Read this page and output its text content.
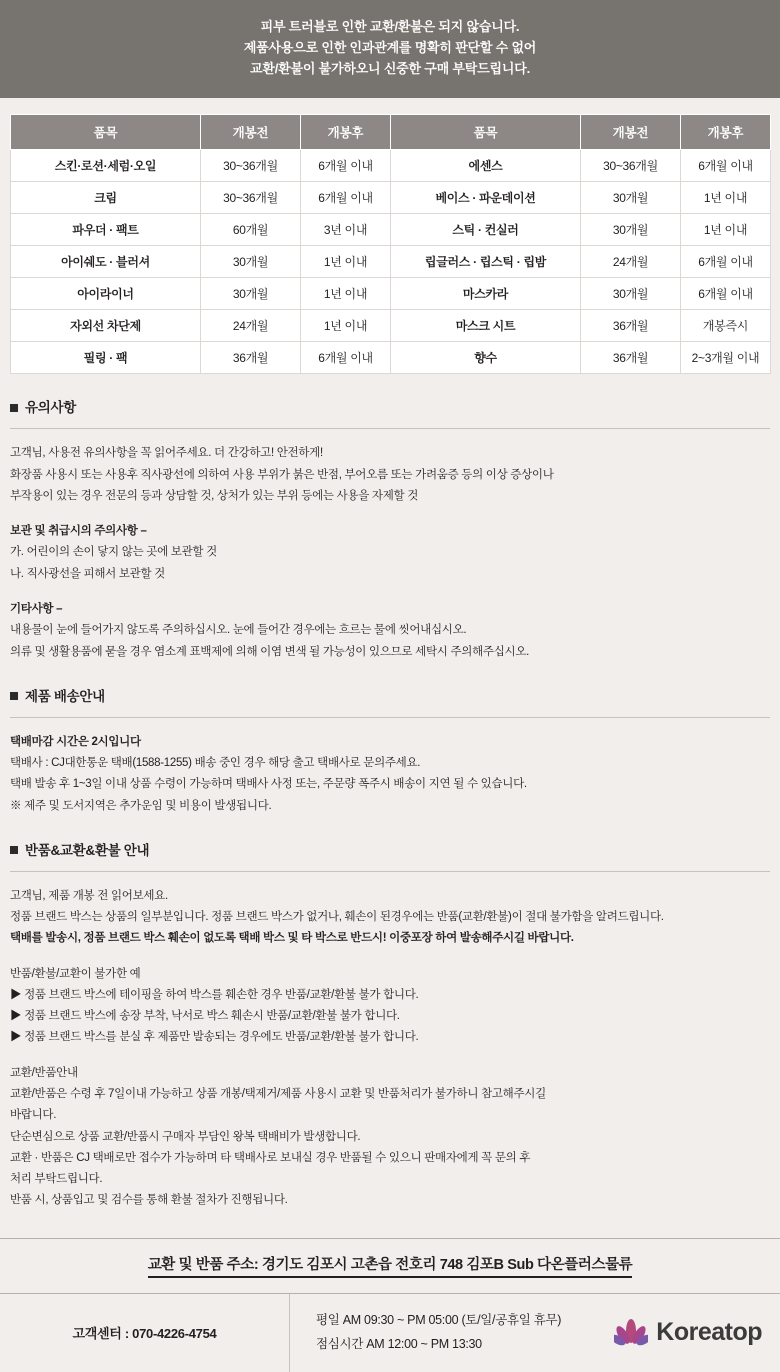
피부 트러블로 인한 교환/환불은 되지 않습니다.
제품사용으로 인한 인과관계를 명확히 판단할 수 없어
교환/환불이 불가하오니 신중한 구매 부탁드립니다.
품목	개봉전	개봉후	품목	개봉전	개봉후
스킨·로션·세럼·오일	30~36개월	6개월 이내	에센스	30~36개월	6개월 이내
크림	30~36개월	6개월 이내	베이스 · 파운데이션	30개월	1년 이내
파우더 · 팩트	60개월	3년 이내	스틱 · 컨실러	30개월	1년 이내
아이쉐도 · 블러셔	30개월	1년 이내	립글러스 · 립스틱 · 립밤	24개월	6개월 이내
아이라이너	30개월	1년 이내	마스카라	30개월	6개월 이내
자외선 차단제	24개월	1년 이내	마스크 시트	36개월	개봉즉시
필링 · 팩	36개월	6개월 이내	향수	36개월	2~3개월 이내
유의사항

고객님, 사용전 유의사항을 꼭 읽어주세요. 더 간강하고! 안전하게!

화장품 사용시 또는 사용후 직사광선에 의하여 사용 부위가 붉은 반점, 부어오름 또는 가려움증 등의 이상 증상이나

부작용이 있는 경우 전문의 등과 상담할 것, 상처가 있는 부위 등에는 사용을 자제할 것

보관 및 취급시의 주의사항 –

가. 어린이의 손이 닿지 않는 곳에 보관할 것

나. 직사광선을 피해서 보관할 것

기타사항 –

내용물이 눈에 들어가지 않도록 주의하십시오. 눈에 들어간 경우에는 흐르는 물에 씻어내십시오.

의류 및 생활용품에 묻을 경우 염소계 표백제에 의해 이염 변색 될 가능성이 있으므로 세탁시 주의해주십시오.

제품 배송안내

택배마감 시간은 2시입니다

택배사 : CJ대한통운 택배(1588-1255) 배송 중인 경우 해당 출고 택배사로 문의주세요.

택배 발송 후 1~3일 이내 상품 수령이 가능하며 택배사 사정 또는, 주문량 폭주시 배송이 지연 될 수 있습니다.

※ 제주 및 도서지역은 추가운임 및 비용이 발생됩니다.

반품&교환&환불 안내

고객님, 제품 개봉 전 읽어보세요.

정품 브랜드 박스는 상품의 일부분입니다. 정품 브랜드 박스가 없거나, 훼손이 된경우에는 반품(교환/환불)이 절대 불가함을 알려드립니다.

택배를 발송시, 정품 브랜드 박스 훼손이 없도록 택배 박스 및 타 박스로 반드시! 이중포장 하여 발송해주시길 바랍니다.

반품/환불/교환이 불가한 예

▶ 정품 브랜드 박스에 테이핑을 하여 박스를 훼손한 경우 반품/교환/환불 불가 합니다.

▶ 정품 브랜드 박스에 송장 부착, 낙서로 박스 훼손시 반품/교환/환불 불가 합니다.

▶ 정품 브랜드 박스를 분실 후 제품만 발송되는 경우에도 반품/교환/환불 불가 합니다.

교환/반품안내

교환/반품은 수령 후 7일이내 가능하고 상품 개봉/택제거/제품 사용시 교환 및 반품처리가 불가하니 참고해주시길

바랍니다.

단순변심으로 상품 교환/반품시 구매자 부담인 왕복 택배비가 발생합니다.

교환 · 반품은 CJ 택배로만 접수가 가능하며 타 택배사로 보내실 경우 반품될 수 있으니 판매자에게 꼭 문의 후

처리 부탁드립니다.

반품 시, 상품입고 및 검수를 통해 환불 절차가 진행됩니다.

교환 및 반품 주소: 경기도 김포시 고촌읍 전호리 748 김포B Sub 다온플러스물류
고객센터 : 070-4226-4754
평일 AM 09:30 ~ PM 05:00 (토/일/공휴일 휴무)
점심시간 AM 12:00 ~ PM 13:30	Koreatop
